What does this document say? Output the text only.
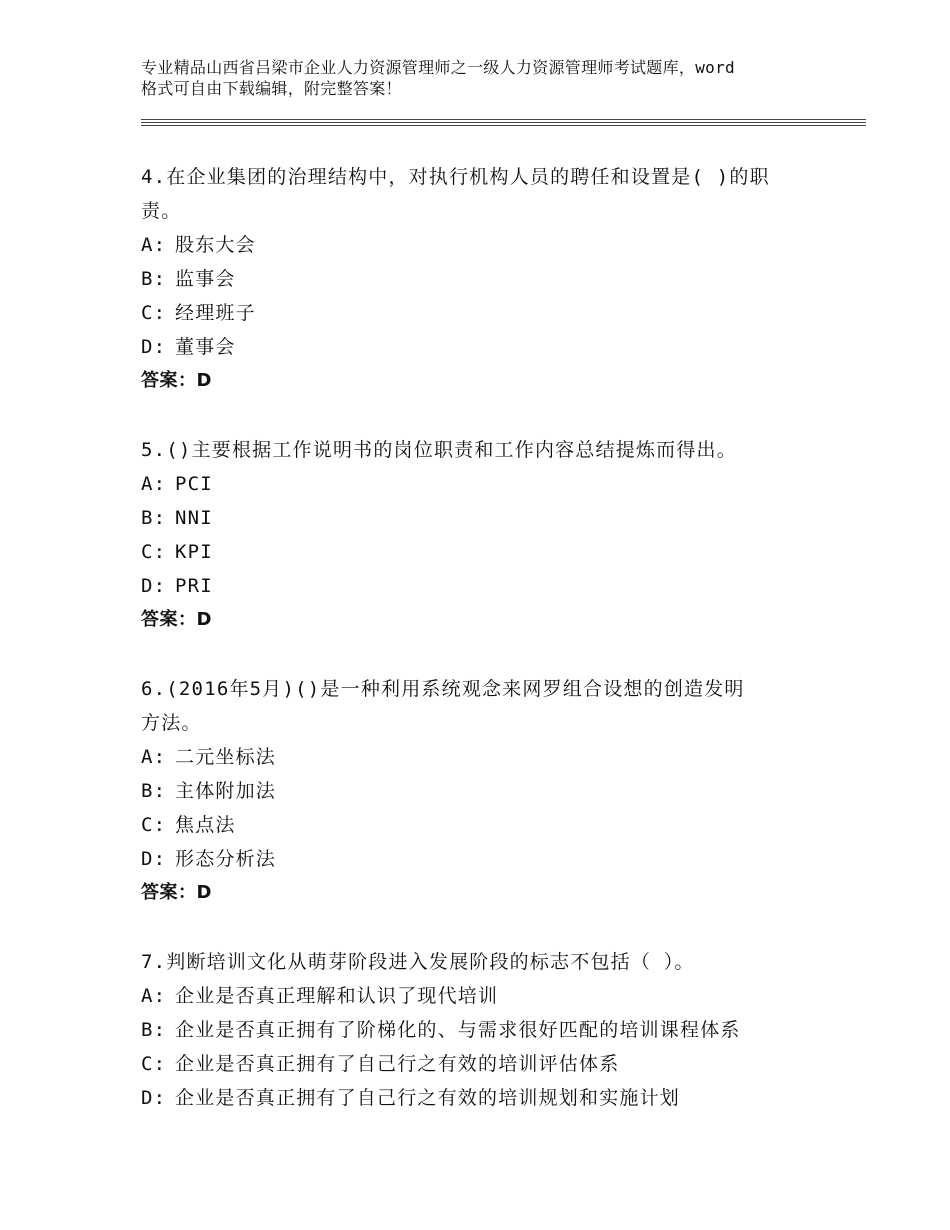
专业精品山西省吕梁市企业人力资源管理师之一级人力资源管理师考试题库，word
格式可自由下载编辑，附完整答案！
4.在企业集团的治理结构中，对执行机构人员的聘任和设置是( )的职
责。
A: 股东大会
B: 监事会
C: 经理班子
D: 董事会
答案：D
5.()主要根据工作说明书的岗位职责和工作内容总结提炼而得出。
A: PCI
B: NNI
C: KPI
D: PRI
答案：D
6.(2016年5月)()是一种利用系统观念来网罗组合设想的创造发明
方法。
A: 二元坐标法
B: 主体附加法
C: 焦点法
D: 形态分析法
答案：D
7.判断培训文化从萌芽阶段进入发展阶段的标志不包括（ ）。
A: 企业是否真正理解和认识了现代培训
B: 企业是否真正拥有了阶梯化的、与需求很好匹配的培训课程体系
C: 企业是否真正拥有了自己行之有效的培训评估体系
D: 企业是否真正拥有了自己行之有效的培训规划和实施计划
